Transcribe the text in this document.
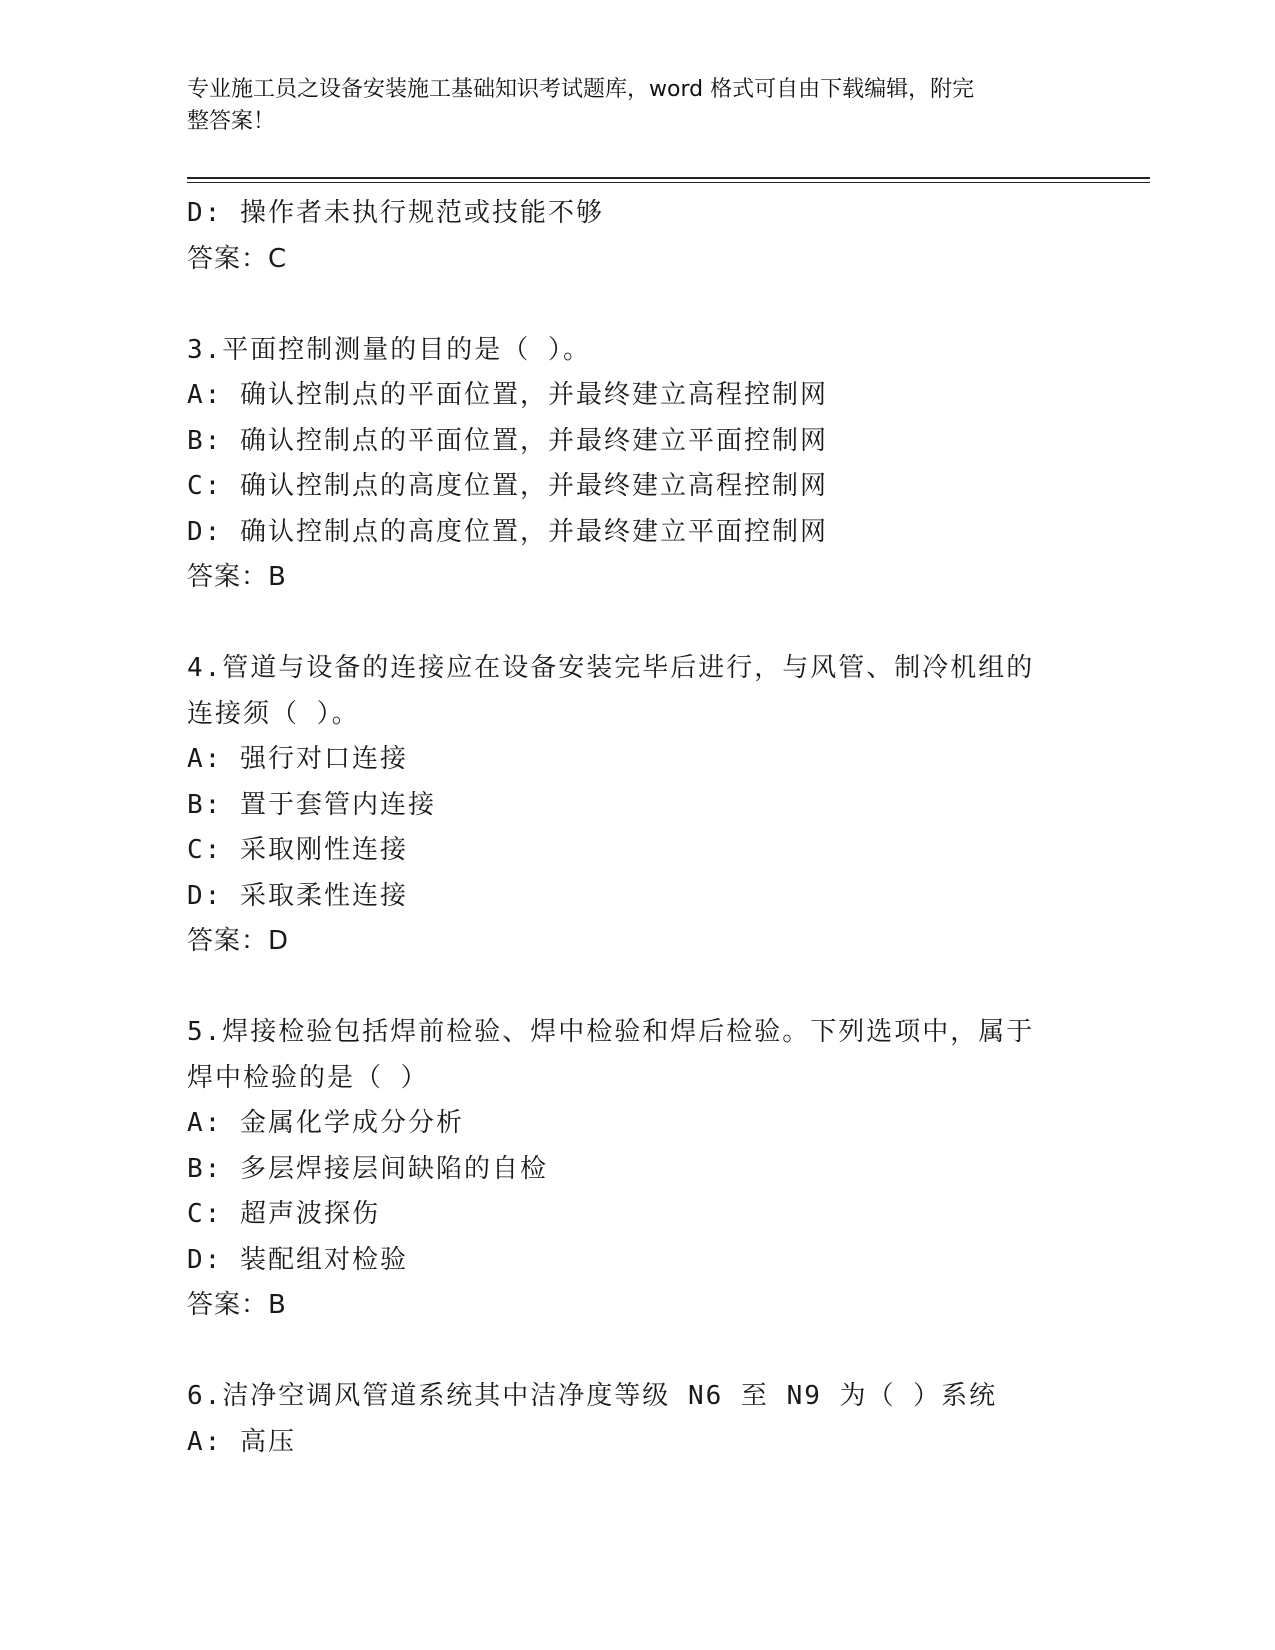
专业施工员之设备安装施工基础知识考试题库，word 格式可自由下载编辑，附完
整答案！
D: 操作者未执行规范或技能不够
答案：C
3.平面控制测量的目的是（ ）。
A: 确认控制点的平面位置，并最终建立高程控制网
B: 确认控制点的平面位置，并最终建立平面控制网
C: 确认控制点的高度位置，并最终建立高程控制网
D: 确认控制点的高度位置，并最终建立平面控制网
答案：B
4.管道与设备的连接应在设备安装完毕后进行，与风管、制冷机组的
连接须（ ）。
A: 强行对口连接
B: 置于套管内连接
C: 采取刚性连接
D: 采取柔性连接
答案：D
5.焊接检验包括焊前检验、焊中检验和焊后检验。下列选项中，属于
焊中检验的是（ ）
A: 金属化学成分分析
B: 多层焊接层间缺陷的自检
C: 超声波探伤
D: 装配组对检验
答案：B
6.洁净空调风管道系统其中洁净度等级 N6 至 N9 为（ ）系统
A: 高压
